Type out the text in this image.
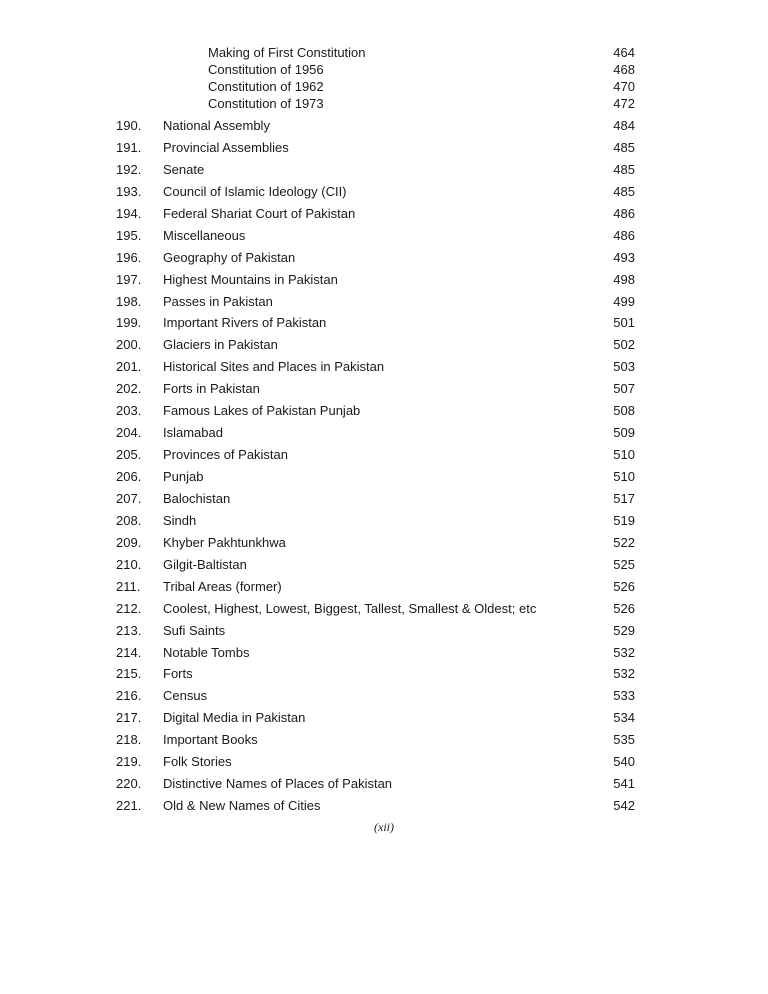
Making of First Constitution	464
Constitution of 1956	468
Constitution of 1962	470
Constitution of 1973	472
190. National Assembly	484
191. Provincial Assemblies	485
192. Senate	485
193. Council of Islamic Ideology (CII)	485
194. Federal Shariat Court of Pakistan	486
195. Miscellaneous	486
196. Geography of Pakistan	493
197. Highest Mountains in Pakistan	498
198. Passes in Pakistan	499
199. Important Rivers of Pakistan	501
200. Glaciers in Pakistan	502
201. Historical Sites and Places in Pakistan	503
202. Forts in Pakistan	507
203. Famous Lakes of Pakistan Punjab	508
204. Islamabad	509
205. Provinces of Pakistan	510
206. Punjab	510
207. Balochistan	517
208. Sindh	519
209. Khyber Pakhtunkhwa	522
210. Gilgit-Baltistan	525
211. Tribal Areas (former)	526
212. Coolest, Highest, Lowest, Biggest, Tallest, Smallest & Oldest; etc	526
213. Sufi Saints	529
214. Notable Tombs	532
215. Forts	532
216. Census	533
217. Digital Media in Pakistan	534
218. Important Books	535
219. Folk Stories	540
220. Distinctive Names of Places of Pakistan	541
221. Old & New Names of Cities	542
(xii)
